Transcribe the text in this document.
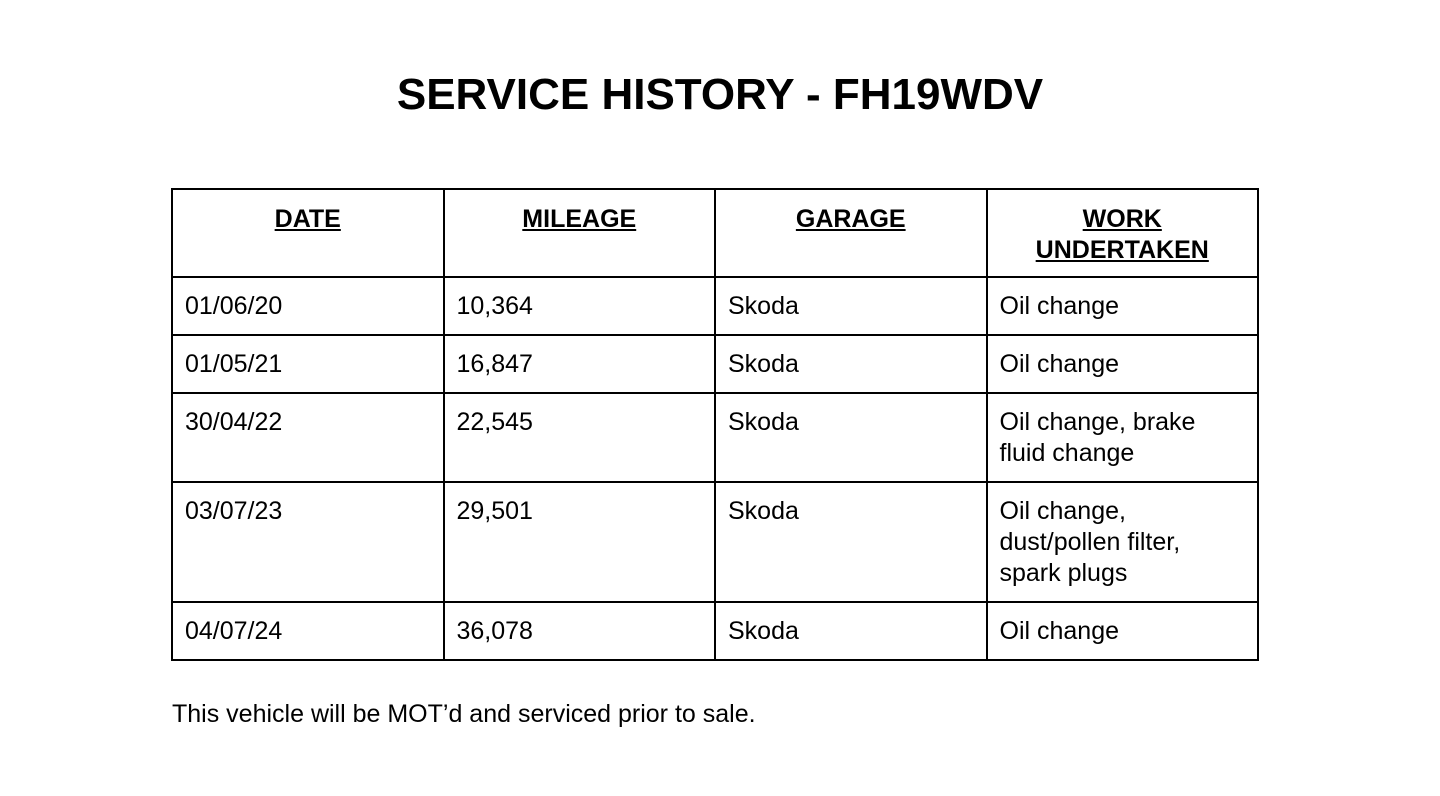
SERVICE HISTORY - FH19WDV
DATE	MILEAGE	GARAGE	WORK
UNDERTAKEN
01/06/20	10,364	Skoda	Oil change
01/05/21	16,847	Skoda	Oil change
30/04/22	22,545	Skoda	Oil change, brake
fluid change
03/07/23	29,501	Skoda	Oil change,
dust/pollen filter,
spark plugs
04/07/24	36,078	Skoda	Oil change

This vehicle will be MOT’d and serviced prior to sale.
